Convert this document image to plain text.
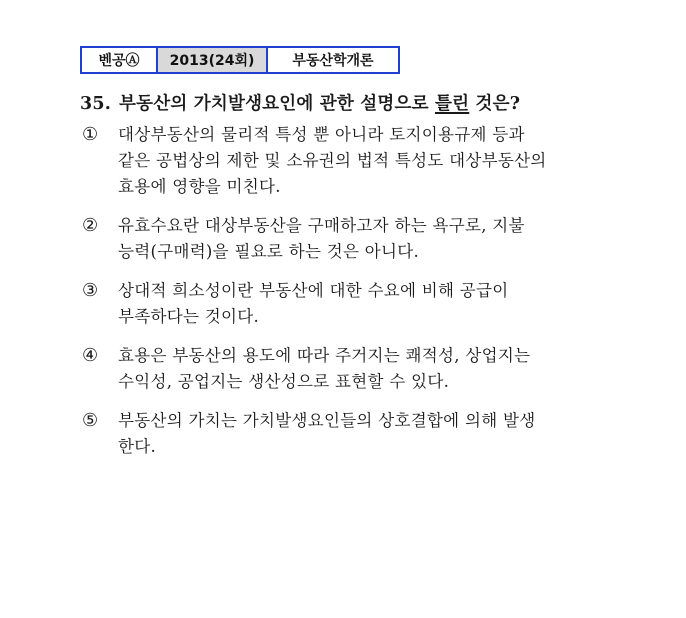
벤공Ⓐ	2013(24회)	부동산학개론
35. 부동산의 가치발생요인에 관한 설명으로 틀린 것은?
①	대상부동산의 물리적 특성 뿐 아니라 토지이용규제 등과
같은 공법상의 제한 및 소유권의 법적 특성도 대상부동산의
효용에 영향을 미친다.
②	유효수요란 대상부동산을 구매하고자 하는 욕구로, 지불
능력(구매력)을 필요로 하는 것은 아니다.
③	상대적 희소성이란 부동산에 대한 수요에 비해 공급이
부족하다는 것이다.
④	효용은 부동산의 용도에 따라 주거지는 쾌적성, 상업지는
수익성, 공업지는 생산성으로 표현할 수 있다.
⑤	부동산의 가치는 가치발생요인들의 상호결합에 의해 발생
한다.
